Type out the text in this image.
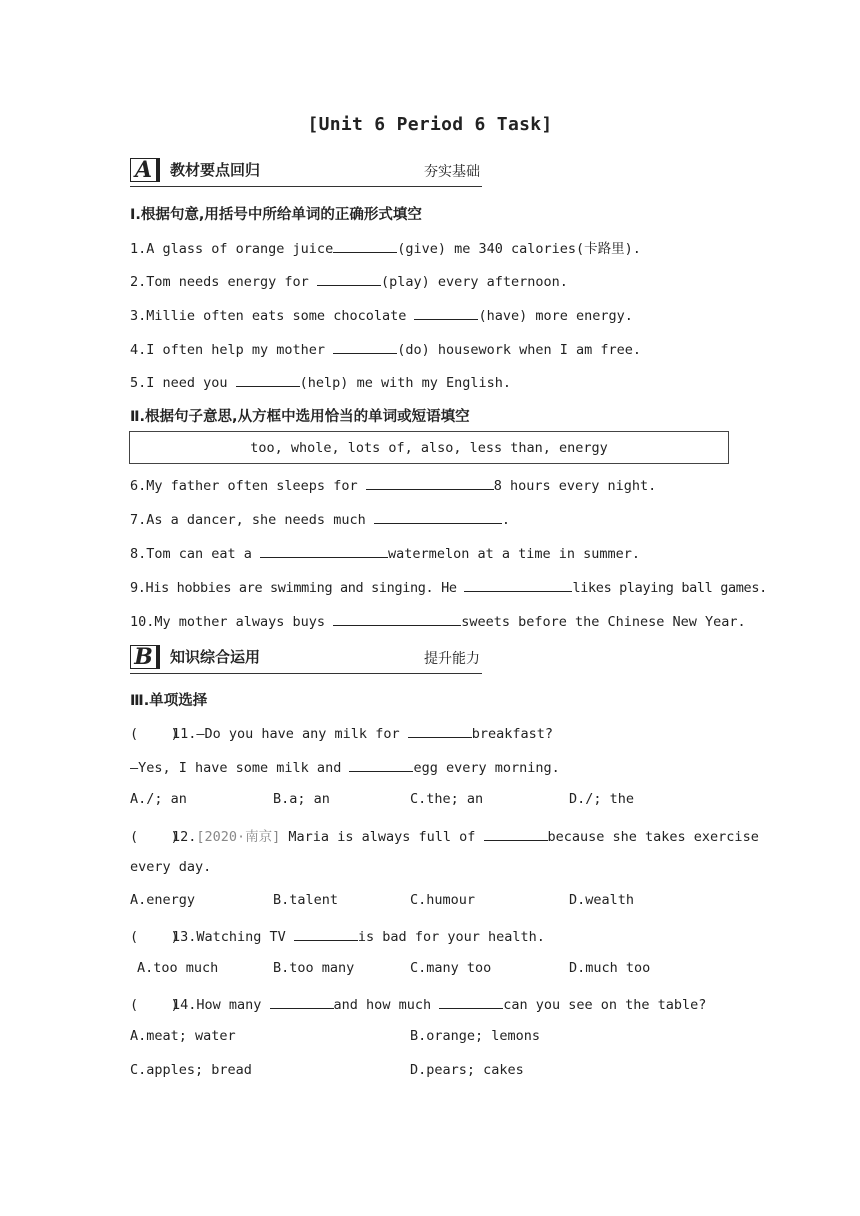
[Unit 6 Period 6 Task]
A	教材要点回归	夯实基础
Ⅰ.根据句意,用括号中所给单词的正确形式填空
1.A glass of orange juice	(give) me 340 calories(卡路里).
2.Tom needs energy for	(play) every afternoon.
3.Millie often eats some chocolate	(have) more energy.
4.I often help my mother	(do) housework when I am free.
5.I need you	(help) me with my English.
Ⅱ.根据句子意思,从方框中选用恰当的单词或短语填空
too, whole, lots of, also, less than, energy
6.My father often sleeps for	8 hours every night.
7.As a dancer, she needs much	.
8.Tom can eat a	watermelon at a time in summer.
9.His hobbies are swimming and singing. He	likes playing ball games.
10.My mother always buys	sweets before the Chinese New Year.
B	知识综合运用	提升能力
Ⅲ.单项选择
(    )11.—Do you have any milk for	breakfast?
—Yes, I have some milk and	egg every morning.
A./; an	B.a; an	C.the; an	D./; the
(    )12.[2020·南京] Maria is always full of	because she takes exercise
every day.
A.energy	B.talent	C.humour	D.wealth
(    )13.Watching TV	is bad for your health.
A.too much	B.too many	C.many too	D.much too
(    )14.How many	and how much	can you see on the table?
A.meat; water	B.orange; lemons
C.apples; bread	D.pears; cakes
